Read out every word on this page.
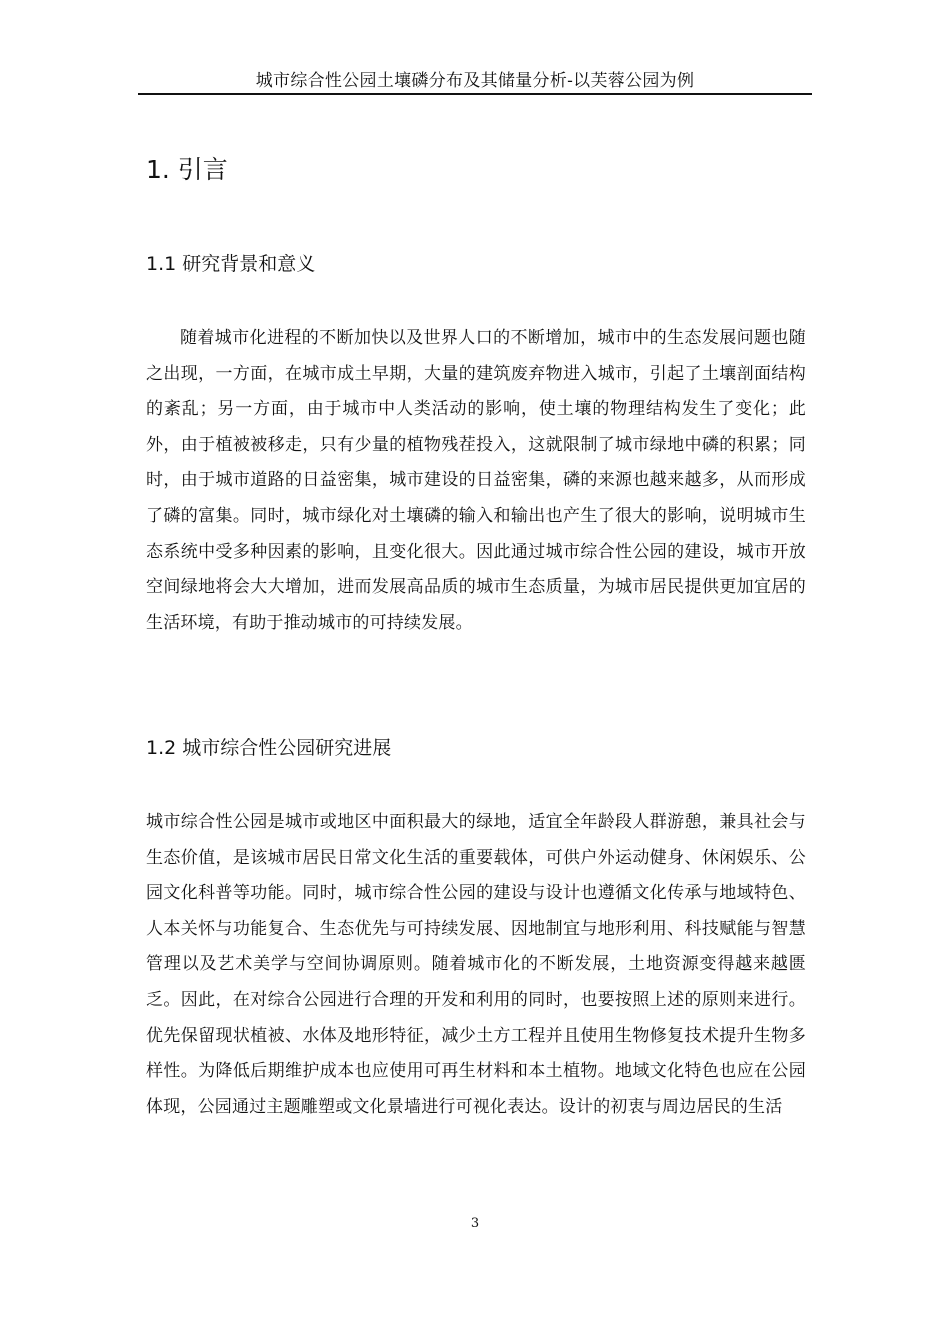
城市综合性公园土壤磷分布及其储量分析-以芙蓉公园为例
1. 引言
1.1 研究背景和意义

随着城市化进程的不断加快以及世界人口的不断增加，城市中的生态发展问题也随之出现，一方面，在城市成土早期，大量的建筑废弃物进入城市，引起了土壤剖面结构的紊乱；另一方面，由于城市中人类活动的影响，使土壤的物理结构发生了变化；此外，由于植被被移走，只有少量的植物残茬投入，这就限制了城市绿地中磷的积累；同时，由于城市道路的日益密集，城市建设的日益密集，磷的来源也越来越多，从而形成了磷的富集。同时，城市绿化对土壤磷的输入和输出也产生了很大的影响，说明城市生态系统中受多种因素的影响，且变化很大。因此通过城市综合性公园的建设，城市开放空间绿地将会大大增加，进而发展高品质的城市生态质量，为城市居民提供更加宜居的生活环境，有助于推动城市的可持续发展。

1.2 城市综合性公园研究进展

城市综合性公园是城市或地区中面积最大的绿地，适宜全年龄段人群游憩，兼具社会与生态价值，是该城市居民日常文化生活的重要载体，可供户外运动健身、休闲娱乐、公园文化科普等功能。同时，城市综合性公园的建设与设计也遵循文化传承与地域特色、人本关怀与功能复合、生态优先与可持续发展、因地制宜与地形利用、科技赋能与智慧管理以及艺术美学与空间协调原则。随着城市化的不断发展，土地资源变得越来越匮乏。因此，在对综合公园进行合理的开发和利用的同时，也要按照上述的原则来进行。优先保留现状植被、水体及地形特征，减少土方工程并且使用生物修复技术提升生物多样性。为降低后期维护成本也应使用可再生材料和本土植物。地域文化特色也应在公园体现，公园通过主题雕塑或文化景墙进行可视化表达。设计的初衷与周边居民的生活

3
